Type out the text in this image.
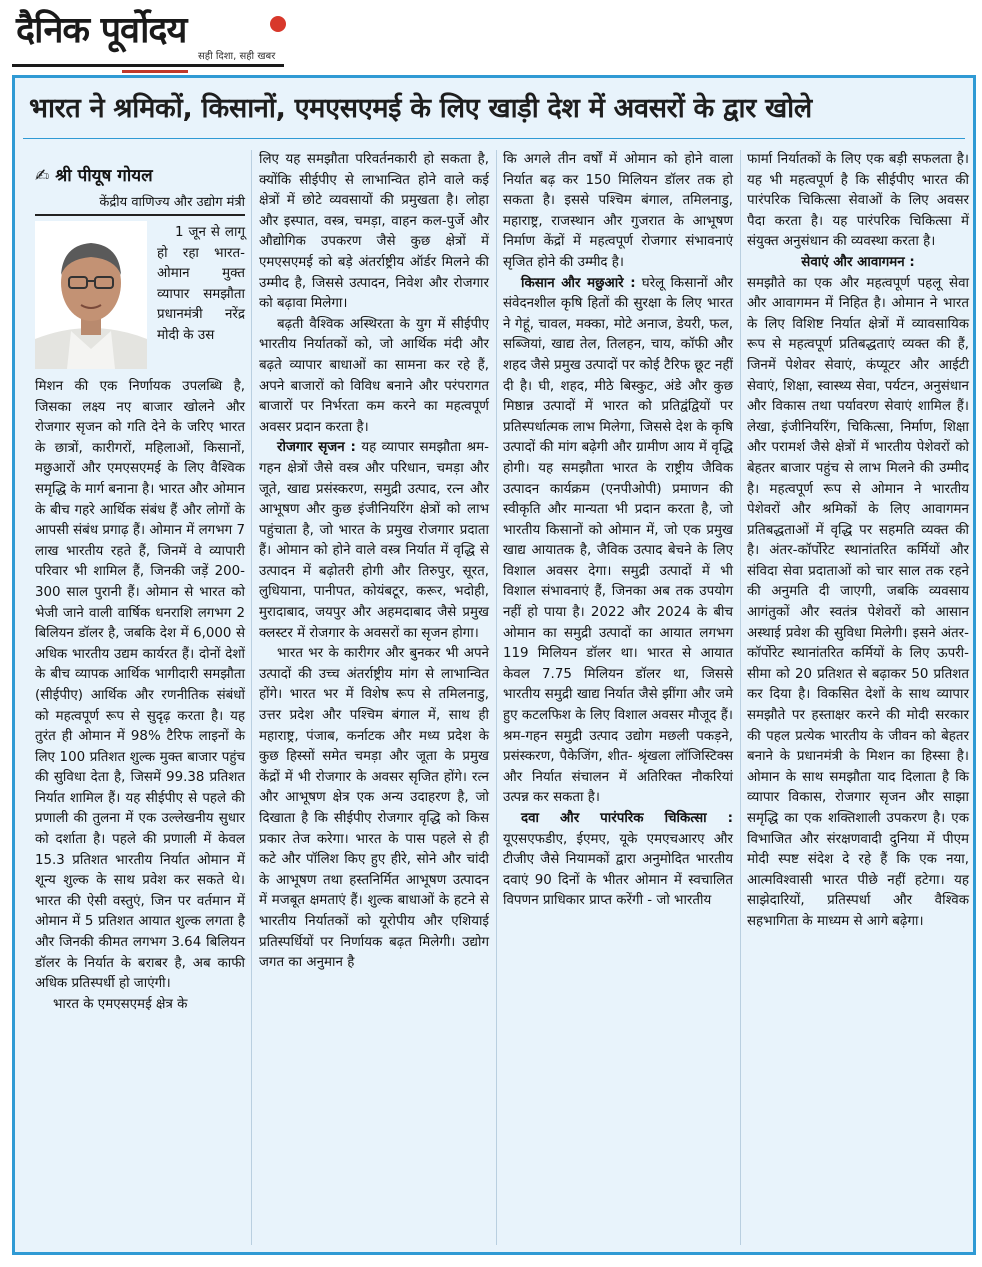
दैनिक पूर्वोदय
सही दिशा, सही खबर
भारत ने श्रमिकों, किसानों, एमएसएमई के लिए खाड़ी देश में अवसरों के द्वार खोले
✍ श्री पीयूष गोयल
केंद्रीय वाणिज्य और उद्योग मंत्री

1 जून से लागू हो रहा भारत-ओमान मुक्त व्यापार समझौता प्रधानमंत्री नरेंद्र मोदी के उस

मिशन की एक निर्णायक उपलब्धि है, जिसका लक्ष्य नए बाजार खोलने और रोजगार सृजन को गति देने के जरिए भारत के छात्रों, कारीगरों, महिलाओं, किसानों, मछुआरों और एमएसएमई के लिए वैश्विक समृद्धि के मार्ग बनाना है। भारत और ओमान के बीच गहरे आर्थिक संबंध हैं और लोगों के आपसी संबंध प्रगाढ़ हैं। ओमान में लगभग 7 लाख भारतीय रहते हैं, जिनमें वे व्यापारी परिवार भी शामिल हैं, जिनकी जड़ें 200-300 साल पुरानी हैं। ओमान से भारत को भेजी जाने वाली वार्षिक धनराशि लगभग 2 बिलियन डॉलर है, जबकि देश में 6,000 से अधिक भारतीय उद्यम कार्यरत हैं। दोनों देशों के बीच व्यापक आर्थिक भागीदारी समझौता (सीईपीए) आर्थिक और रणनीतिक संबंधों को महत्वपूर्ण रूप से सुदृढ़ करता है। यह तुरंत ही ओमान में 98% टैरिफ लाइनों के लिए 100 प्रतिशत शुल्क मुक्त बाजार पहुंच की सुविधा देता है, जिसमें 99.38 प्रतिशत निर्यात शामिल हैं। यह सीईपीए से पहले की प्रणाली की तुलना में एक उल्लेखनीय सुधार को दर्शाता है। पहले की प्रणाली में केवल 15.3 प्रतिशत भारतीय निर्यात ओमान में शून्य शुल्क के साथ प्रवेश कर सकते थे। भारत की ऐसी वस्तुएं, जिन पर वर्तमान में ओमान में 5 प्रतिशत आयात शुल्क लगता है और जिनकी कीमत लगभग 3.64 बिलियन डॉलर के निर्यात के बराबर है, अब काफी अधिक प्रतिस्पर्धी हो जाएंगी।

भारत के एमएसएमई क्षेत्र के

लिए यह समझौता परिवर्तनकारी हो सकता है, क्योंकि सीईपीए से लाभान्वित होने वाले कई क्षेत्रों में छोटे व्यवसायों की प्रमुखता है। लोहा और इस्पात, वस्त्र, चमड़ा, वाहन कल-पुर्जे और औद्योगिक उपकरण जैसे कुछ क्षेत्रों में एमएसएमई को बड़े अंतर्राष्ट्रीय ऑर्डर मिलने की उम्मीद है, जिससे उत्पादन, निवेश और रोजगार को बढ़ावा मिलेगा।

बढ़ती वैश्विक अस्थिरता के युग में सीईपीए भारतीय निर्यातकों को, जो आर्थिक मंदी और बढ़ते व्यापार बाधाओं का सामना कर रहे हैं, अपने बाजारों को विविध बनाने और परंपरागत बाजारों पर निर्भरता कम करने का महत्वपूर्ण अवसर प्रदान करता है।

रोजगार सृजन : यह व्यापार समझौता श्रम-गहन क्षेत्रों जैसे वस्त्र और परिधान, चमड़ा और जूते, खाद्य प्रसंस्करण, समुद्री उत्पाद, रत्न और आभूषण और कुछ इंजीनियरिंग क्षेत्रों को लाभ पहुंचाता है, जो भारत के प्रमुख रोजगार प्रदाता हैं। ओमान को होने वाले वस्त्र निर्यात में वृद्धि से उत्पादन में बढ़ोतरी होगी और तिरुपुर, सूरत, लुधियाना, पानीपत, कोयंबटूर, करूर, भदोही, मुरादाबाद, जयपुर और अहमदाबाद जैसे प्रमुख क्लस्टर में रोजगार के अवसरों का सृजन होगा।

भारत भर के कारीगर और बुनकर भी अपने उत्पादों की उच्च अंतर्राष्ट्रीय मांग से लाभान्वित होंगे। भारत भर में विशेष रूप से तमिलनाडु, उत्तर प्रदेश और पश्चिम बंगाल में, साथ ही महाराष्ट्र, पंजाब, कर्नाटक और मध्य प्रदेश के कुछ हिस्सों समेत चमड़ा और जूता के प्रमुख केंद्रों में भी रोजगार के अवसर सृजित होंगे। रत्न और आभूषण क्षेत्र एक अन्य उदाहरण है, जो दिखाता है कि सीईपीए रोजगार वृद्धि को किस प्रकार तेज करेगा। भारत के पास पहले से ही कटे और पॉलिश किए हुए हीरे, सोने और चांदी के आभूषण तथा हस्तनिर्मित आभूषण उत्पादन में मजबूत क्षमताएं हैं। शुल्क बाधाओं के हटने से भारतीय निर्यातकों को यूरोपीय और एशियाई प्रतिस्पर्धियों पर निर्णायक बढ़त मिलेगी। उद्योग जगत का अनुमान है

कि अगले तीन वर्षों में ओमान को होने वाला निर्यात बढ़ कर 150 मिलियन डॉलर तक हो सकता है। इससे पश्चिम बंगाल, तमिलनाडु, महाराष्ट्र, राजस्थान और गुजरात के आभूषण निर्माण केंद्रों में महत्वपूर्ण रोजगार संभावनाएं सृजित होने की उम्मीद है।

किसान और मछुआरे : घरेलू किसानों और संवेदनशील कृषि हितों की सुरक्षा के लिए भारत ने गेहूं, चावल, मक्का, मोटे अनाज, डेयरी, फल, सब्जियां, खाद्य तेल, तिलहन, चाय, कॉफी और शहद जैसे प्रमुख उत्पादों पर कोई टैरिफ छूट नहीं दी है। घी, शहद, मीठे बिस्कुट, अंडे और कुछ मिष्ठान्न उत्पादों में भारत को प्रतिद्वंद्वियों पर प्रतिस्पर्धात्मक लाभ मिलेगा, जिससे देश के कृषि उत्पादों की मांग बढ़ेगी और ग्रामीण आय में वृद्धि होगी। यह समझौता भारत के राष्ट्रीय जैविक उत्पादन कार्यक्रम (एनपीओपी) प्रमाणन की स्वीकृति और मान्यता भी प्रदान करता है, जो भारतीय किसानों को ओमान में, जो एक प्रमुख खाद्य आयातक है, जैविक उत्पाद बेचने के लिए विशाल अवसर देगा। समुद्री उत्पादों में भी विशाल संभावनाएं हैं, जिनका अब तक उपयोग नहीं हो पाया है। 2022 और 2024 के बीच ओमान का समुद्री उत्पादों का आयात लगभग 119 मिलियन डॉलर था। भारत से आयात केवल 7.75 मिलियन डॉलर था, जिससे भारतीय समुद्री खाद्य निर्यात जैसे झींगा और जमे हुए कटलफिश के लिए विशाल अवसर मौजूद हैं। श्रम-गहन समुद्री उत्पाद उद्योग मछली पकड़ने, प्रसंस्करण, पैकेजिंग, शीत- श्रृंखला लॉजिस्टिक्स और निर्यात संचालन में अतिरिक्त नौकरियां उत्पन्न कर सकता है।

दवा और पारंपरिक चिकित्सा : यूएसएफडीए, ईएमए, यूके एमएचआरए और टीजीए जैसे नियामकों द्वारा अनुमोदित भारतीय दवाएं 90 दिनों के भीतर ओमान में स्वचालित विपणन प्राधिकार प्राप्त करेंगी - जो भारतीय

फार्मा निर्यातकों के लिए एक बड़ी सफलता है। यह भी महत्वपूर्ण है कि सीईपीए भारत की पारंपरिक चिकित्सा सेवाओं के लिए अवसर पैदा करता है। यह पारंपरिक चिकित्सा में संयुक्त अनुसंधान की व्यवस्था करता है।

सेवाएं और आवागमन :

समझौते का एक और महत्वपूर्ण पहलू सेवा और आवागमन में निहित है। ओमान ने भारत के लिए विशिष्ट निर्यात क्षेत्रों में व्यावसायिक रूप से महत्वपूर्ण प्रतिबद्धताएं व्यक्त की हैं, जिनमें पेशेवर सेवाएं, कंप्यूटर और आईटी सेवाएं, शिक्षा, स्वास्थ्य सेवा, पर्यटन, अनुसंधान और विकास तथा पर्यावरण सेवाएं शामिल हैं। लेखा, इंजीनियरिंग, चिकित्सा, निर्माण, शिक्षा और परामर्श जैसे क्षेत्रों में भारतीय पेशेवरों को बेहतर बाजार पहुंच से लाभ मिलने की उम्मीद है। महत्वपूर्ण रूप से ओमान ने भारतीय पेशेवरों और श्रमिकों के लिए आवागमन प्रतिबद्धताओं में वृद्धि पर सहमति व्यक्त की है। अंतर-कॉर्पोरेट स्थानांतरित कर्मियों और संविदा सेवा प्रदाताओं को चार साल तक रहने की अनुमति दी जाएगी, जबकि व्यवसाय आगंतुकों और स्वतंत्र पेशेवरों को आसान अस्थाई प्रवेश की सुविधा मिलेगी। इसने अंतर-कॉर्पोरेट स्थानांतरित कर्मियों के लिए ऊपरी-सीमा को 20 प्रतिशत से बढ़ाकर 50 प्रतिशत कर दिया है। विकसित देशों के साथ व्यापार समझौते पर हस्ताक्षर करने की मोदी सरकार की पहल प्रत्येक भारतीय के जीवन को बेहतर बनाने के प्रधानमंत्री के मिशन का हिस्सा है। ओमान के साथ समझौता याद दिलाता है कि व्यापार विकास, रोजगार सृजन और साझा समृद्धि का एक शक्तिशाली उपकरण है। एक विभाजित और संरक्षणवादी दुनिया में पीएम मोदी स्पष्ट संदेश दे रहे हैं कि एक नया, आत्मविश्वासी भारत पीछे नहीं हटेगा। यह साझेदारियों, प्रतिस्पर्धा और वैश्विक सहभागिता के माध्यम से आगे बढ़ेगा।
